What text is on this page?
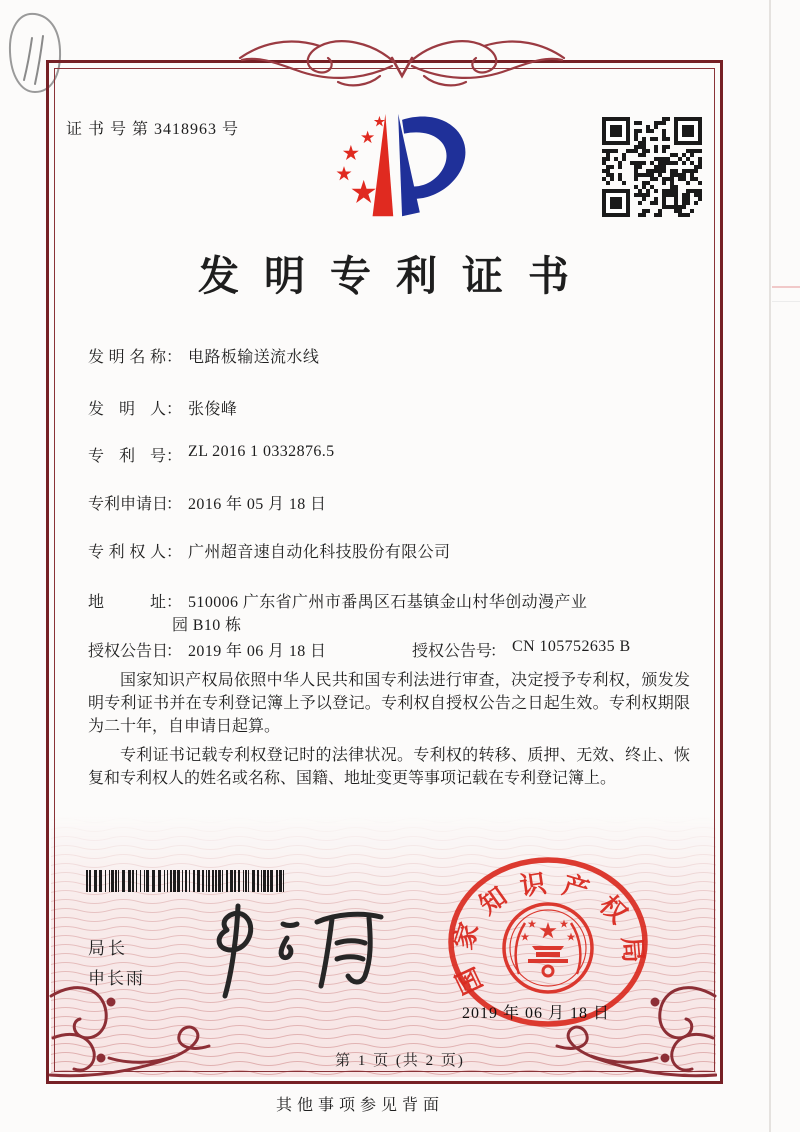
证 书 号 第 3418963 号
发明专利证书
发明名称 ： 电路板输送流水线
发明人 ： 张俊峰
专利号 ： ZL 2016 1 0332876.5
专利申请日
： 2016 年 05 月 18 日
专利权人 ： 广州超音速自动化科技股份有限公司
地址 ： 510006 广东省广州市番禺区石基镇金山村华创动漫产业
园 B10 栋
授权公告日
： 2019 年 06 月 18 日	授权公告号
： CN 105752635 B

国家知识产权局依照中华人民共和国专利法进行审查，决定授予专利权，颁发发明专利证书并在专利登记簿上予以登记。专利权自授权公告之日起生效。专利权期限为二十年，自申请日起算。

专利证书记载专利权登记时的法律状况。专利权的转移、质押、无效、终止、恢复和专利权人的姓名或名称、国籍、地址变更等事项记载在专利登记簿上。

局长
申长雨	国家知识产权局
2019 年 06 月 18 日
第 1 页 (共 2 页)
其他事项参见背面
